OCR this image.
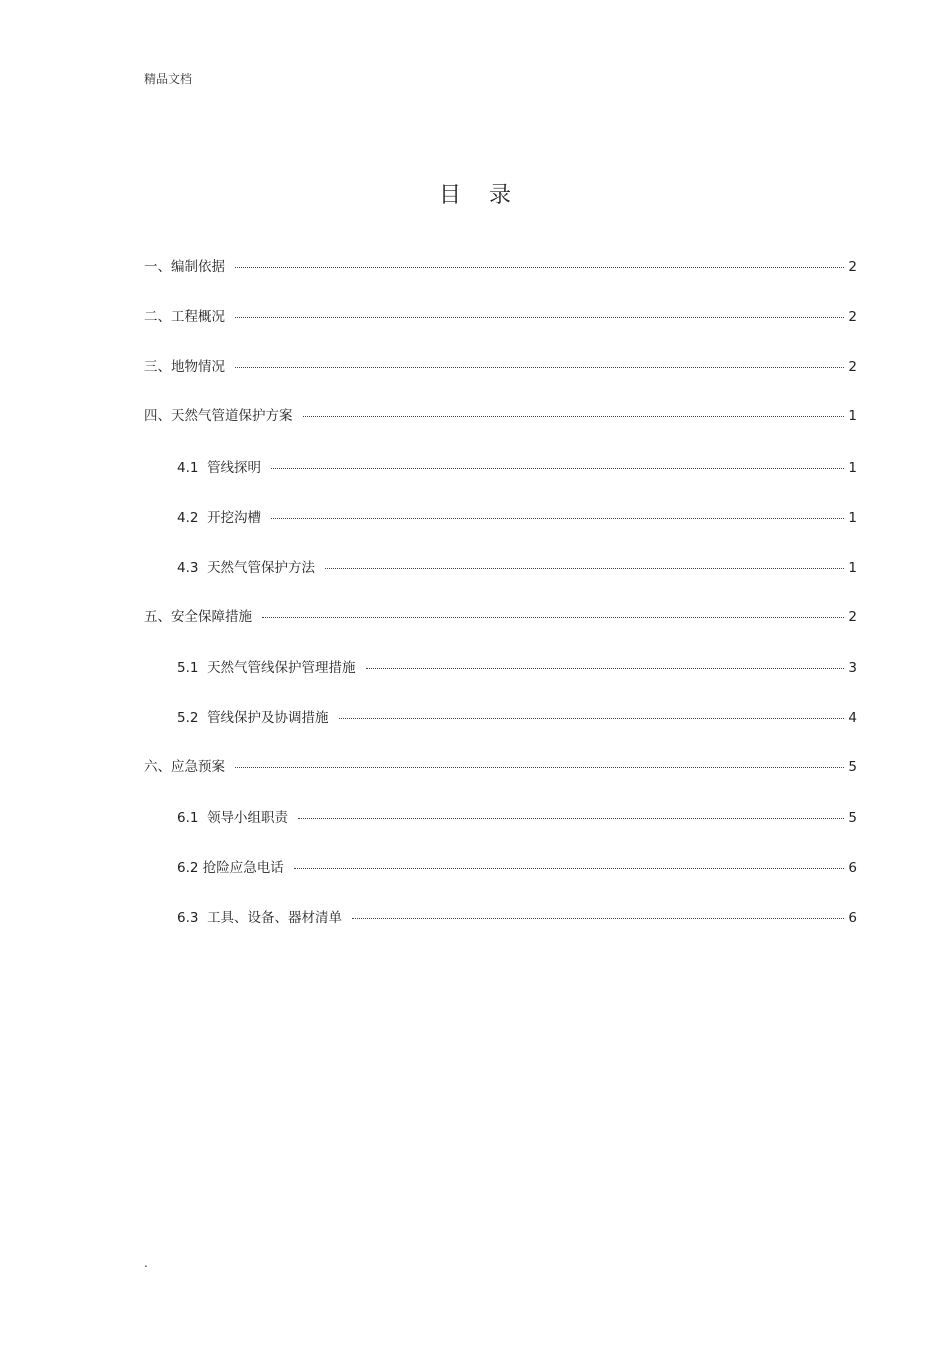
精品文档
目录
一、编制依据	2
二、工程概况	2
三、地物情况	2
四、天然气管道保护方案	1
4.1 管线探明	1
4.2 开挖沟槽	1
4.3 天然气管保护方法	1
五、安全保障措施	2
5.1 天然气管线保护管理措施	3
5.2 管线保护及协调措施	4
六、应急预案	5
6.1 领导小组职责	5
6.2 抢险应急电话	6
6.3 工具、设备、器材清单	6
.
